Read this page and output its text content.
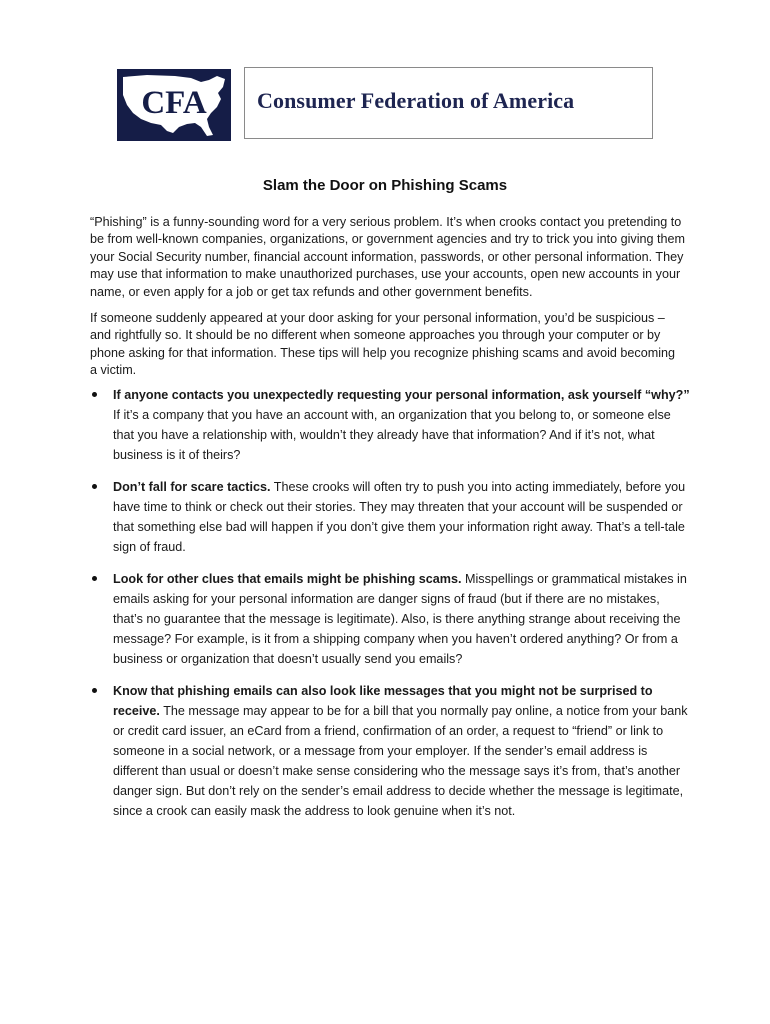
CFA	Consumer Federation of America
Slam the Door on Phishing Scams

“Phishing” is a funny-sounding word for a very serious problem. It’s when crooks contact you pretending to be from well-known companies, organizations, or government agencies and try to trick you into giving them your Social Security number, financial account information, passwords, or other personal information. They may use that information to make unauthorized purchases, use your accounts, open new accounts in your name, or even apply for a job or get tax refunds and other government benefits.

If someone suddenly appeared at your door asking for your personal information, you’d be suspicious – and rightfully so. It should be no different when someone approaches you through your computer or by phone asking for that information. These tips will help you recognize phishing scams and avoid becoming a victim.

If anyone contacts you unexpectedly requesting your personal information, ask yourself “why?” If it’s a company that you have an account with, an organization that you belong to, or someone else that you have a relationship with, wouldn’t they already have that information? And if it’s not, what business is it of theirs?
Don’t fall for scare tactics. These crooks will often try to push you into acting immediately, before you have time to think or check out their stories. They may threaten that your account will be suspended or that something else bad will happen if you don’t give them your information right away. That’s a tell-tale sign of fraud.
Look for other clues that emails might be phishing scams. Misspellings or grammatical mistakes in emails asking for your personal information are danger signs of fraud (but if there are no mistakes, that’s no guarantee that the message is legitimate). Also, is there anything strange about receiving the message? For example, is it from a shipping company when you haven’t ordered anything? Or from a business or organization that doesn’t usually send you emails?
Know that phishing emails can also look like messages that you might not be surprised to receive. The message may appear to be for a bill that you normally pay online, a notice from your bank or credit card issuer, an eCard from a friend, confirmation of an order, a request to “friend” or link to someone in a social network, or a message from your employer. If the sender’s email address is different than usual or doesn’t make sense considering who the message says it’s from, that’s another danger sign. But don’t rely on the sender’s email address to decide whether the message is legitimate, since a crook can easily mask the address to look genuine when it’s not.
